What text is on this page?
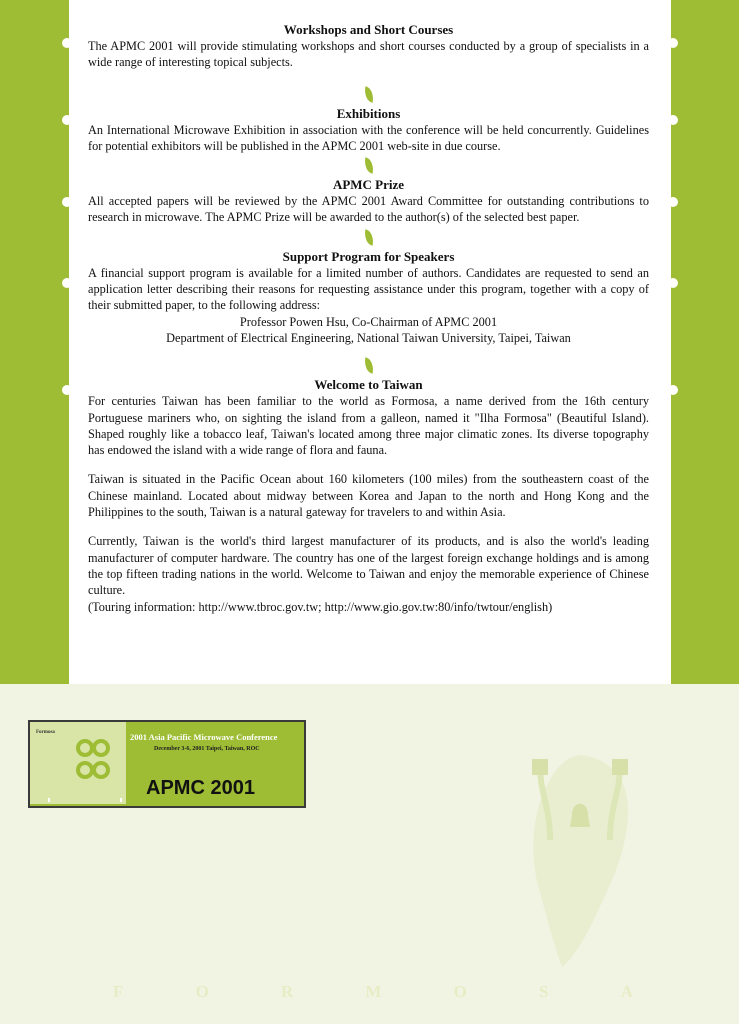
Workshops and Short Courses

The APMC 2001 will provide stimulating workshops and short courses conducted by a group of specialists in a wide range of interesting topical subjects.

Exhibitions

An International Microwave Exhibition in association with the conference will be held concurrently. Guidelines for potential exhibitors will be published in the APMC 2001 web-site in due course.

APMC Prize

All accepted papers will be reviewed by the APMC 2001 Award Committee for outstanding contributions to research in microwave. The APMC Prize will be awarded to the author(s) of the selected best paper.

Support Program for Speakers

A financial support program is available for a limited number of authors. Candidates are requested to send an application letter describing their reasons for requesting assistance under this program, together with a copy of their submitted paper, to the following address:

Professor Powen Hsu, Co-Chairman of APMC 2001

Department of Electrical Engineering, National Taiwan University, Taipei, Taiwan

Welcome to Taiwan

For centuries Taiwan has been familiar to the world as Formosa, a name derived from the 16th century Portuguese mariners who, on sighting the island from a galleon, named it "Ilha Formosa" (Beautiful Island). Shaped roughly like a tobacco leaf, Taiwan's located among three major climatic zones. Its diverse topography has endowed the island with a wide range of flora and fauna.

Taiwan is situated in the Pacific Ocean about 160 kilometers (100 miles) from the southeastern coast of the Chinese mainland. Located about midway between Korea and Japan to the north and Hong Kong and the Philippines to the south, Taiwan is a natural gateway for travelers to and within Asia.

Currently, Taiwan is the world's third largest manufacturer of its products, and is also the world's leading manufacturer of computer hardware. The country has one of the largest foreign exchange holdings and is among the top fifteen trading nations in the world. Welcome to Taiwan and enjoy the memorable experience of Chinese culture.

(Touring information: http://www.tbroc.gov.tw; http://www.gio.gov.tw:80/info/twtour/english)

Formosa	2001 Asia Pacific Microwave Conference
December 3-6, 2001 Taipei, Taiwan, ROC
APMC 2001
F	O	R	M	O	S	A
